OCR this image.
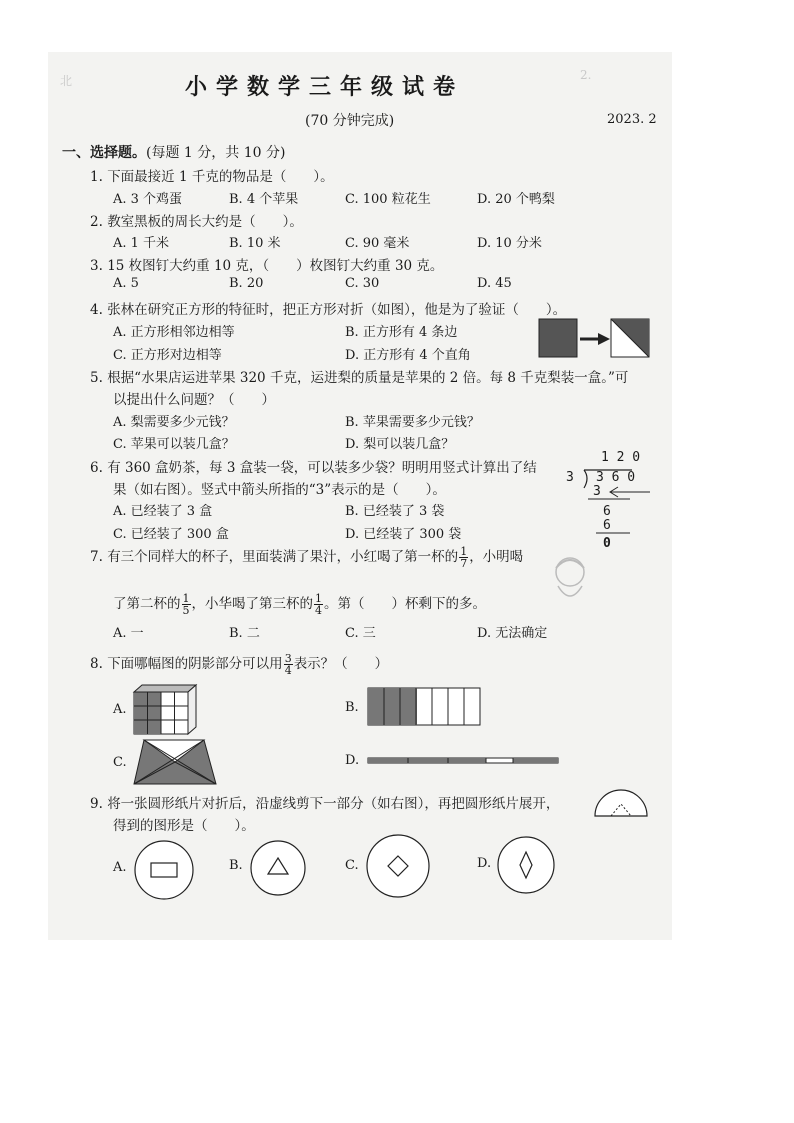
2.
北	小学数学三年级试卷
(70 分钟完成)	2023. 2
一、选择题。(每题 1 分，共 10 分)
1. 下面最接近 1 千克的物品是（　　）。
A. 3 个鸡蛋	B. 4 个苹果	C. 100 粒花生	D. 20 个鸭梨
2. 教室黑板的周长大约是（　　）。
A. 1 千米	B. 10 米	C. 90 毫米	D. 10 分米
3. 15 枚图钉大约重 10 克，（　　）枚图钉大约重 30 克。
A. 5	B. 20	C. 30	D. 45
4. 张林在研究正方形的特征时，把正方形对折（如图），他是为了验证（　　）。
A. 正方形相邻边相等	B. 正方形有 4 条边
C. 正方形对边相等	D. 正方形有 4 个直角
5. 根据“水果店运进苹果 320 千克，运进梨的质量是苹果的 2 倍。每 8 千克梨装一盒。”可
以提出什么问题？（　　）
A. 梨需要多少元钱？	B. 苹果需要多少元钱？
C. 苹果可以装几盒？	D. 梨可以装几盒？
6. 有 360 盒奶茶，每 3 盒装一袋，可以装多少袋？明明用竖式计算出了结
果（如右图）。竖式中箭头所指的“3”表示的是（　　）。
A. 已经装了 3 盒	B. 已经装了 3 袋
C. 已经装了 300 盒	D. 已经装了 300 袋
1 2 0
3 3 6 0
3
6
6
0
7. 有三个同样大的杯子，里面装满了果汁，小红喝了第一杯的 $\frac{1}{7}$ ，小明喝
了第二杯的 $\frac{1}{5}$ ，小华喝了第三杯的 $\frac{1}{4}$ 。第（　　）杯剩下的多。
A. 一	B. 二	C. 三	D. 无法确定
8. 下面哪幅图的阴影部分可以用 $\frac{3}{4}$ 表示？（　　）
A.	B.
C.	D.
9. 将一张圆形纸片对折后，沿虚线剪下一部分（如右图），再把圆形纸片展开，
得到的图形是（　　）。
A.	B.	C.	D.
